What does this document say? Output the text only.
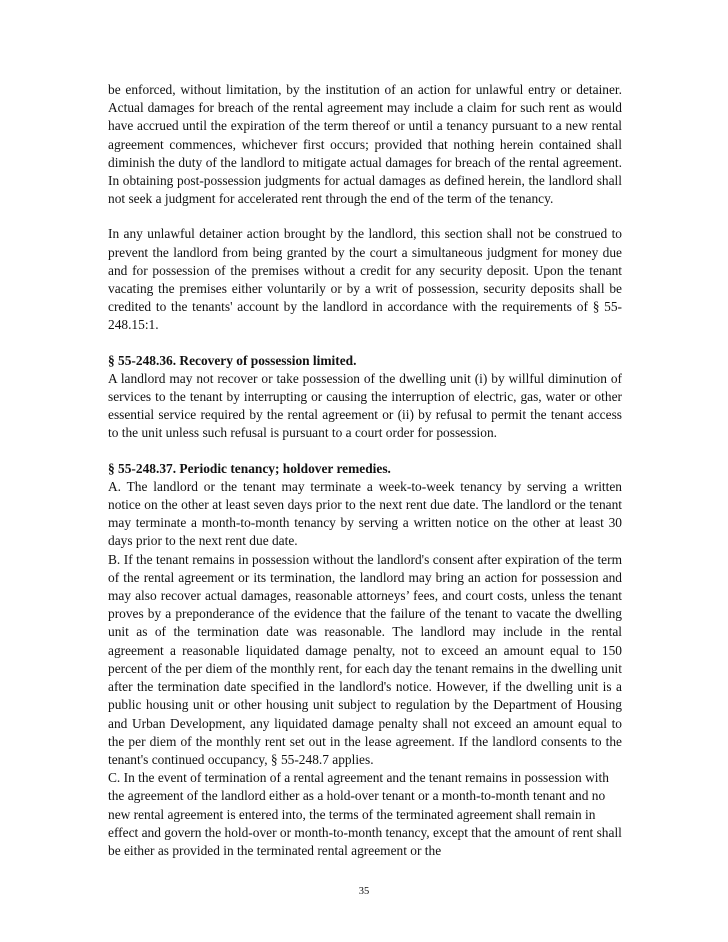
be enforced, without limitation, by the institution of an action for unlawful entry or detainer. Actual damages for breach of the rental agreement may include a claim for such rent as would have accrued until the expiration of the term thereof or until a tenancy pursuant to a new rental agreement commences, whichever first occurs; provided that nothing herein contained shall diminish the duty of the landlord to mitigate actual damages for breach of the rental agreement. In obtaining post-possession judgments for actual damages as defined herein, the landlord shall not seek a judgment for accelerated rent through the end of the term of the tenancy.

In any unlawful detainer action brought by the landlord, this section shall not be construed to prevent the landlord from being granted by the court a simultaneous judgment for money due and for possession of the premises without a credit for any security deposit. Upon the tenant vacating the premises either voluntarily or by a writ of possession, security deposits shall be credited to the tenants' account by the landlord in accordance with the requirements of § 55-248.15:1.

§ 55-248.36. Recovery of possession limited.

A landlord may not recover or take possession of the dwelling unit (i) by willful diminution of services to the tenant by interrupting or causing the interruption of electric, gas, water or other essential service required by the rental agreement or (ii) by refusal to permit the tenant access to the unit unless such refusal is pursuant to a court order for possession.

§ 55-248.37. Periodic tenancy; holdover remedies.

A. The landlord or the tenant may terminate a week-to-week tenancy by serving a written notice on the other at least seven days prior to the next rent due date. The landlord or the tenant may terminate a month-to-month tenancy by serving a written notice on the other at least 30 days prior to the next rent due date.

B. If the tenant remains in possession without the landlord's consent after expiration of the term of the rental agreement or its termination, the landlord may bring an action for possession and may also recover actual damages, reasonable attorneys’ fees, and court costs, unless the tenant proves by a preponderance of the evidence that the failure of the tenant to vacate the dwelling unit as of the termination date was reasonable. The landlord may include in the rental agreement a reasonable liquidated damage penalty, not to exceed an amount equal to 150 percent of the per diem of the monthly rent, for each day the tenant remains in the dwelling unit after the termination date specified in the landlord's notice. However, if the dwelling unit is a public housing unit or other housing unit subject to regulation by the Department of Housing and Urban Development, any liquidated damage penalty shall not exceed an amount equal to the per diem of the monthly rent set out in the lease agreement. If the landlord consents to the tenant's continued occupancy, § 55-248.7 applies.

C. In the event of termination of a rental agreement and the tenant remains in possession with the agreement of the landlord either as a hold-over tenant or a month-to-month tenant and no new rental agreement is entered into, the terms of the terminated agreement shall remain in effect and govern the hold-over or month-to-month tenancy, except that the amount of rent shall be either as provided in the terminated rental agreement or the

35
